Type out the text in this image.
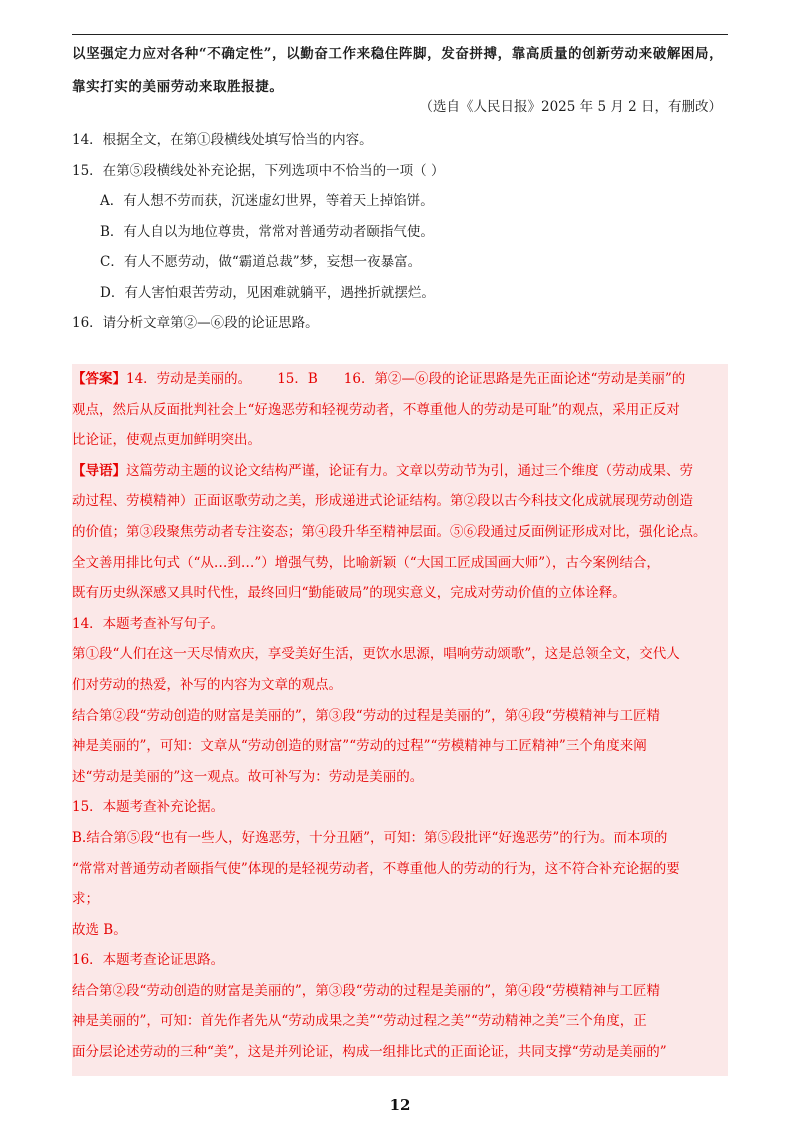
以坚强定力应对各种“不确定性”，以勤奋工作来稳住阵脚，发奋拼搏，靠高质量的创新劳动来破解困局，
靠实打实的美丽劳动来取胜报捷。
（选自《人民日报》2025 年 5 月 2 日，有删改）
14．根据全文，在第①段横线处填写恰当的内容。
15．在第⑤段横线处补充论据，下列选项中不恰当的一项（ ）
A．有人想不劳而获，沉迷虚幻世界，等着天上掉馅饼。
B．有人自以为地位尊贵，常常对普通劳动者颐指气使。
C．有人不愿劳动，做“霸道总裁”梦，妄想一夜暴富。
D．有人害怕艰苦劳动，见困难就躺平，遇挫折就摆烂。
16．请分析文章第②—⑥段的论证思路。
【答案】14．劳动是美丽的。 15．B 16．第②—⑥段的论证思路是先正面论述“劳动是美丽”的
观点，然后从反面批判社会上“好逸恶劳和轻视劳动者，不尊重他人的劳动是可耻”的观点，采用正反对
比论证，使观点更加鲜明突出。
【导语】这篇劳动主题的议论文结构严谨，论证有力。文章以劳动节为引，通过三个维度（劳动成果、劳
动过程、劳模精神）正面讴歌劳动之美，形成递进式论证结构。第②段以古今科技文化成就展现劳动创造
的价值；第③段聚焦劳动者专注姿态；第④段升华至精神层面。⑤⑥段通过反面例证形成对比，强化论点。
全文善用排比句式（“从…到…”）增强气势，比喻新颖（“大国工匠成国画大师”），古今案例结合，
既有历史纵深感又具时代性，最终回归“勤能破局”的现实意义，完成对劳动价值的立体诠释。
14．本题考查补写句子。
第①段“人们在这一天尽情欢庆，享受美好生活，更饮水思源，唱响劳动颂歌”，这是总领全文，交代人
们对劳动的热爱，补写的内容为文章的观点。
结合第②段“劳动创造的财富是美丽的”，第③段“劳动的过程是美丽的”，第④段“劳模精神与工匠精
神是美丽的”，可知：文章从“劳动创造的财富”“劳动的过程”“劳模精神与工匠精神”三个角度来阐
述“劳动是美丽的”这一观点。故可补写为：劳动是美丽的。
15．本题考查补充论据。
B.结合第⑤段“也有一些人，好逸恶劳，十分丑陋”，可知：第⑤段批评“好逸恶劳”的行为。而本项的
“常常对普通劳动者颐指气使”体现的是轻视劳动者，不尊重他人的劳动的行为，这不符合补充论据的要
求；
故选 B。
16．本题考查论证思路。
结合第②段“劳动创造的财富是美丽的”，第③段“劳动的过程是美丽的”，第④段“劳模精神与工匠精
神是美丽的”，可知：首先作者先从“劳动成果之美”“劳动过程之美”“劳动精神之美”三个角度，正
面分层论述劳动的三种“美”，这是并列论证，构成一组排比式的正面论证，共同支撑“劳动是美丽的”
12
